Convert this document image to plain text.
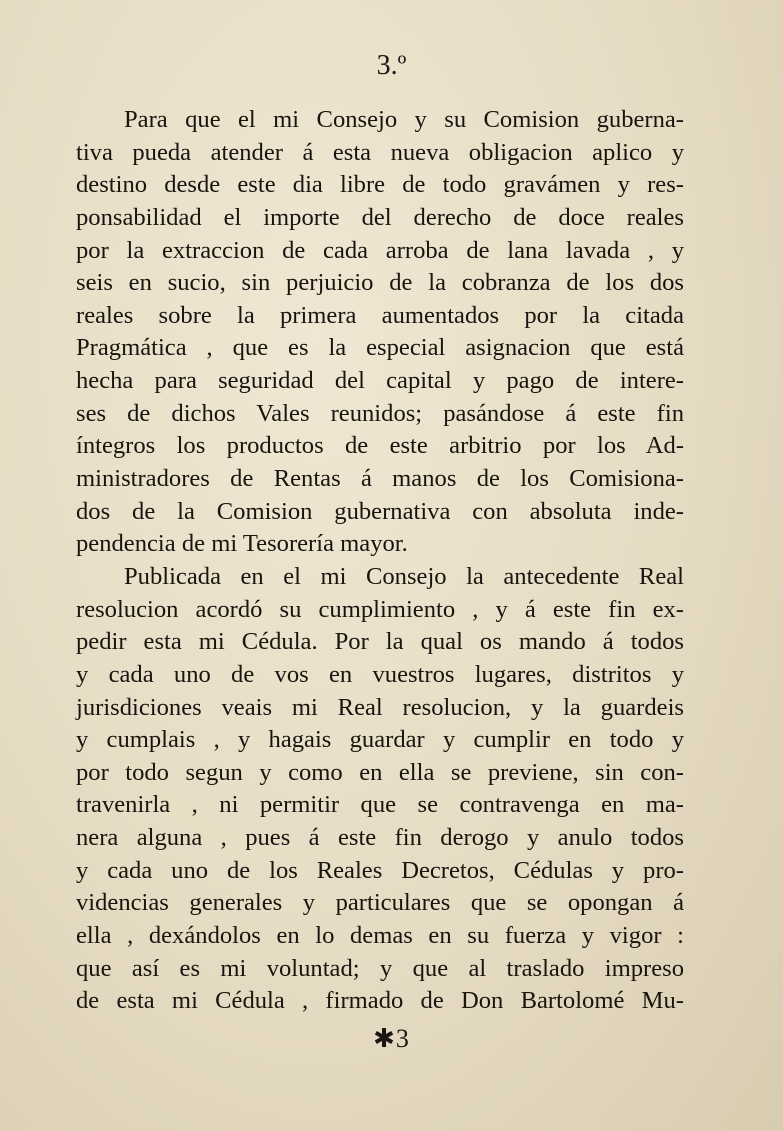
3.º
Para que el mi Consejo y su Comision guberna-
tiva pueda atender á esta nueva obligacion aplico y
destino desde este dia libre de todo gravámen y res-
ponsabilidad el importe del derecho de doce reales
por la extraccion de cada arroba de lana lavada , y
seis en sucio, sin perjuicio de la cobranza de los dos
reales sobre la primera aumentados por la citada
Pragmática , que es la especial asignacion que está
hecha para seguridad del capital y pago de intere-
ses de dichos Vales reunidos; pasándose á este fin
íntegros los productos de este arbitrio por los Ad-
ministradores de Rentas á manos de los Comisiona-
dos de la Comision gubernativa con absoluta inde-
pendencia de mi Tesorería mayor.
Publicada en el mi Consejo la antecedente Real
resolucion acordó su cumplimiento , y á este fin ex-
pedir esta mi Cédula. Por la qual os mando á todos
y cada uno de vos en vuestros lugares, distritos y
jurisdiciones veais mi Real resolucion, y la guardeis
y cumplais , y hagais guardar y cumplir en todo y
por todo segun y como en ella se previene, sin con-
travenirla , ni permitir que se contravenga en ma-
nera alguna , pues á este fin derogo y anulo todos
y cada uno de los Reales Decretos, Cédulas y pro-
videncias generales y particulares que se opongan á
ella , dexándolos en lo demas en su fuerza y vigor :
que así es mi voluntad; y que al traslado impreso
de esta mi Cédula , firmado de Don Bartolomé Mu-
✱3
